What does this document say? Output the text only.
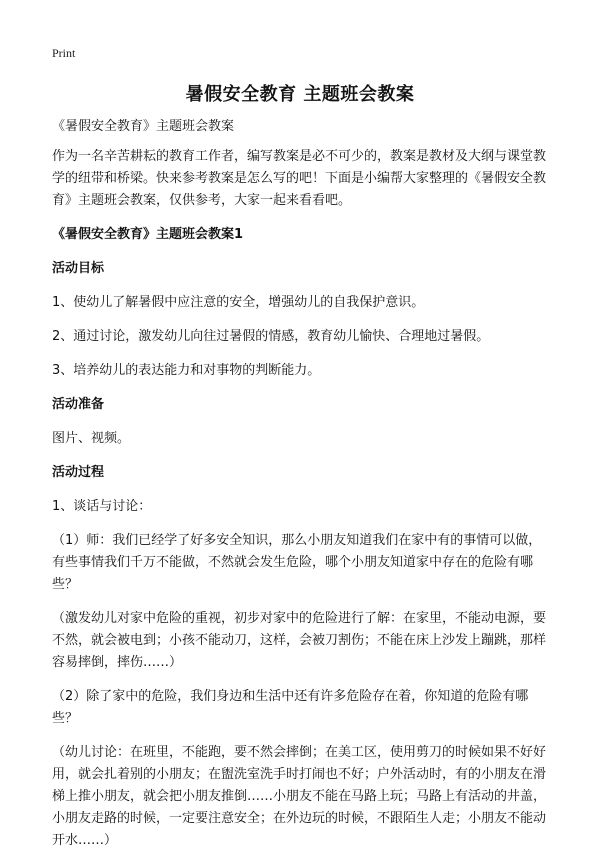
Print
暑假安全教育 主题班会教案

《暑假安全教育》主题班会教案

作为一名辛苦耕耘的教育工作者，编写教案是必不可少的，教案是教材及大纲与课堂教学的纽带和桥梁。快来参考教案是怎么写的吧！下面是小编帮大家整理的《暑假安全教育》主题班会教案，仅供参考，大家一起来看看吧。

《暑假安全教育》主题班会教案1

活动目标

1、使幼儿了解暑假中应注意的安全，增强幼儿的自我保护意识。

2、通过讨论，激发幼儿向往过暑假的情感，教育幼儿愉快、合理地过暑假。

3、培养幼儿的表达能力和对事物的判断能力。

活动准备

图片、视频。

活动过程

1、谈话与讨论：

（1）师：我们已经学了好多安全知识，那么小朋友知道我们在家中有的事情可以做，有些事情我们千万不能做，不然就会发生危险，哪个小朋友知道家中存在的危险有哪些？

（激发幼儿对家中危险的重视，初步对家中的危险进行了解：在家里，不能动电源，要不然，就会被电到；小孩不能动刀，这样，会被刀割伤；不能在床上沙发上蹦跳，那样容易摔倒，摔伤……）

（2）除了家中的危险，我们身边和生活中还有许多危险存在着，你知道的危险有哪些？

（幼儿讨论：在班里，不能跑，要不然会摔倒；在美工区，使用剪刀的时候如果不好好用，就会扎着别的小朋友；在盥洗室洗手时打闹也不好；户外活动时，有的小朋友在滑梯上推小朋友，就会把小朋友推倒……小朋友不能在马路上玩；马路上有活动的井盖，小朋友走路的时候，一定要注意安全；在外边玩的时候，不跟陌生人走；小朋友不能动开水……）
